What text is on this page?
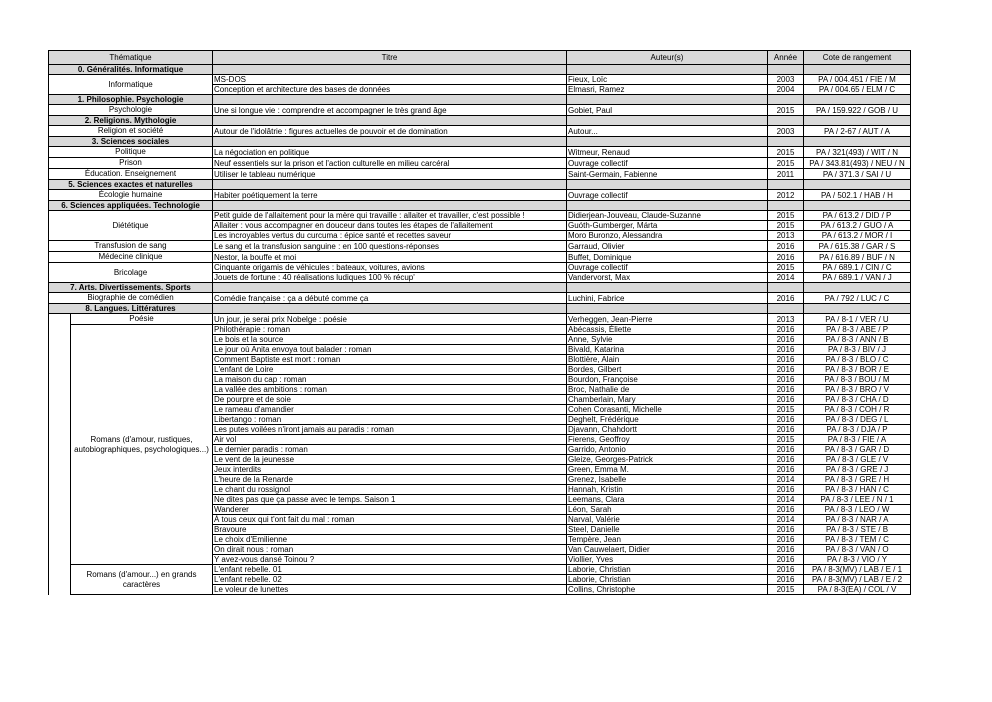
Thématique		Titre	Auteur(s)	Année	Cote de rangement
0. Généralités. Informatique					
Informatique		MS-DOS	Fieux, Loïc	2003	PA / 004.451 / FIE / M
		Conception et architecture des bases de données	Elmasri, Ramez	2004	PA / 004.65 / ELM / C
1. Philosophie. Psychologie					
Psychologie		Une si longue vie : comprendre et accompagner le très grand âge	Gobiet, Paul	2015	PA / 159.922 / GOB / U
2. Religions. Mythologie					
Religion et société		Autour de l'idolâtrie : figures actuelles de pouvoir et de domination	Autour...	2003	PA / 2-67 / AUT / A
3. Sciences sociales					
Politique		La négociation en politique	Witmeur, Renaud	2015	PA / 321(493) / WIT / N
Prison		Neuf essentiels sur la prison et l'action culturelle en milieu carcéral	Ouvrage collectif	2015	PA / 343.81(493) / NEU / N
Éducation. Enseignement		Utiliser le tableau numérique	Saint-Germain, Fabienne	2011	PA / 371.3 / SAI / U
5. Sciences exactes et naturelles					
Écologie humaine		Habiter poétiquement la terre	Ouvrage collectif	2012	PA / 502.1 / HAB / H
6. Sciences appliquées. Technologie					
Diététique		Petit guide de l'allaitement pour la mère qui travaille : allaiter et travailler, c'est possible !	Didierjean-Jouveau, Claude-Suzanne	2015	PA / 613.2 / DID / P
		Allaiter : vous accompagner en douceur dans toutes les étapes de l'allaitement	Guóth-Gumberger, Márta	2015	PA / 613.2 / GUO / A
		Les incroyables vertus du curcuma : épice santé et recettes saveur	Moro Buronzo, Alessandra	2013	PA / 613.2 / MOR / I
Transfusion de sang		Le sang et la transfusion sanguine : en 100 questions-réponses	Garraud, Olivier	2016	PA / 615.38 / GAR / S
Médecine clinique		Nestor, la bouffe et moi	Buffet, Dominique	2016	PA / 616.89 / BUF / N
Bricolage		Cinquante origamis de véhicules : bateaux, voitures, avions	Ouvrage collectif	2015	PA / 689.1 / CIN / C
		Jouets de fortune : 40 réalisations ludiques 100 % récup'	Vandervorst, Max	2014	PA / 689.1 / VAN / J
7. Arts. Divertissements. Sports					
Biographie de comédien		Comédie française : ça a débuté comme ça	Luchini, Fabrice	2016	PA / 792 / LUC / C
8. Langues. Littératures					
	Poésie	Un jour, je serai prix Nobelge : poésie	Verheggen, Jean-Pierre	2013	PA / 8-1 / VER / U
	Romans (d'amour, rustiques, autobiographiques, psychologiques...)	Philothérapie : roman	Abécassis, Éliette	2016	PA / 8-3 / ABE / P
		Le bois et la source	Anne, Sylvie	2016	PA / 8-3 / ANN / B
		Le jour où Anita envoya tout balader : roman	Bivald, Katarina	2016	PA / 8-3 / BIV / J
		Comment Baptiste est mort : roman	Blottière, Alain	2016	PA / 8-3 / BLO / C
		L'enfant de Loire	Bordes, Gilbert	2016	PA / 8-3 / BOR / E
		La maison du cap : roman	Bourdon, Françoise	2016	PA / 8-3 / BOU / M
		La vallée des ambitions : roman	Broc, Nathalie de	2016	PA / 8-3 / BRO / V
		De pourpre et de soie	Chamberlain, Mary	2016	PA / 8-3 / CHA / D
		Le rameau d'amandier	Cohen Corasanti, Michelle	2015	PA / 8-3 / COH / R
		Libertango : roman	Deghelt, Frédérique	2016	PA / 8-3 / DEG / L
		Les putes voilées n'iront jamais au paradis : roman	Djavann, Chahdortt	2016	PA / 8-3 / DJA / P
		Air vol	Fierens, Geoffroy	2015	PA / 8-3 / FIE / A
		Le dernier paradis : roman	Garrido, Antonio	2016	PA / 8-3 / GAR / D
		Le vent de la jeunesse	Gleize, Georges-Patrick	2016	PA / 8-3 / GLE / V
		Jeux interdits	Green, Emma M.	2016	PA / 8-3 / GRE / J
		L'heure de la Renarde	Grenez, Isabelle	2014	PA / 8-3 / GRE / H
		Le chant du rossignol	Hannah, Kristin	2016	PA / 8-3 / HAN / C
		Ne dites pas que ça passe avec le temps. Saison 1	Leemans, Clara	2014	PA / 8-3 / LEE / N / 1
		Wanderer	Léon, Sarah	2016	PA / 8-3 / LEO / W
		À tous ceux qui t'ont fait du mal : roman	Narval, Valérie	2014	PA / 8-3 / NAR / A
		Bravoure	Steel, Danielle	2016	PA / 8-3 / STE / B
		Le choix d'Emilienne	Tempère, Jean	2016	PA / 8-3 / TEM / C
		On dirait nous : roman	Van Cauwelaert, Didier	2016	PA / 8-3 / VAN / O
		Y avez-vous dansé Toinou ?	Viollier, Yves	2016	PA / 8-3 / VIO / Y
	Romans (d'amour...) en grands caractères	L'enfant rebelle. 01	Laborie, Christian	2016	PA / 8-3(MV) / LAB / E / 1
		L'enfant rebelle. 02	Laborie, Christian	2016	PA / 8-3(MV) / LAB / E / 2
		Le voleur de lunettes	Collins, Christophe	2015	PA / 8-3(EA) / COL / V
